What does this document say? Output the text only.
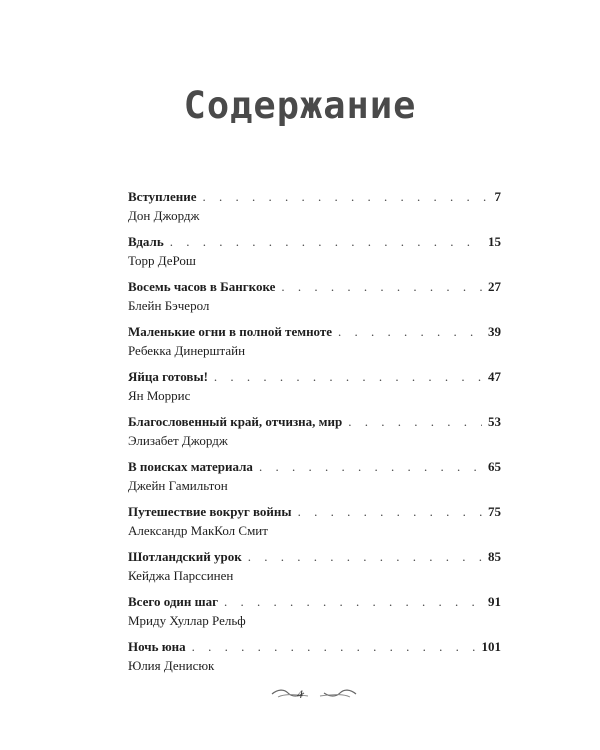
Содержание
Вступление . . .	7
Дон Джордж
Вдаль . . .	15
Торр ДеРош
Восемь часов в Бангкоке . . .	27
Блейн Бэчерол
Маленькие огни в полной темноте . . .	39
Ребекка Динерштайн
Яйца готовы! . . .	47
Ян Моррис
Благословенный край, отчизна, мир . . .	53
Элизабет Джордж
В поисках материала . . .	65
Джейн Гамильтон
Путешествие вокруг войны . . .	75
Александр МакКол Смит
Шотландский урок . . .	85
Кейджа Парссинен
Всего один шаг . . .	91
Мриду Хуллар Рельф
Ночь юна . . .	101
Юлия Денисюк
4
